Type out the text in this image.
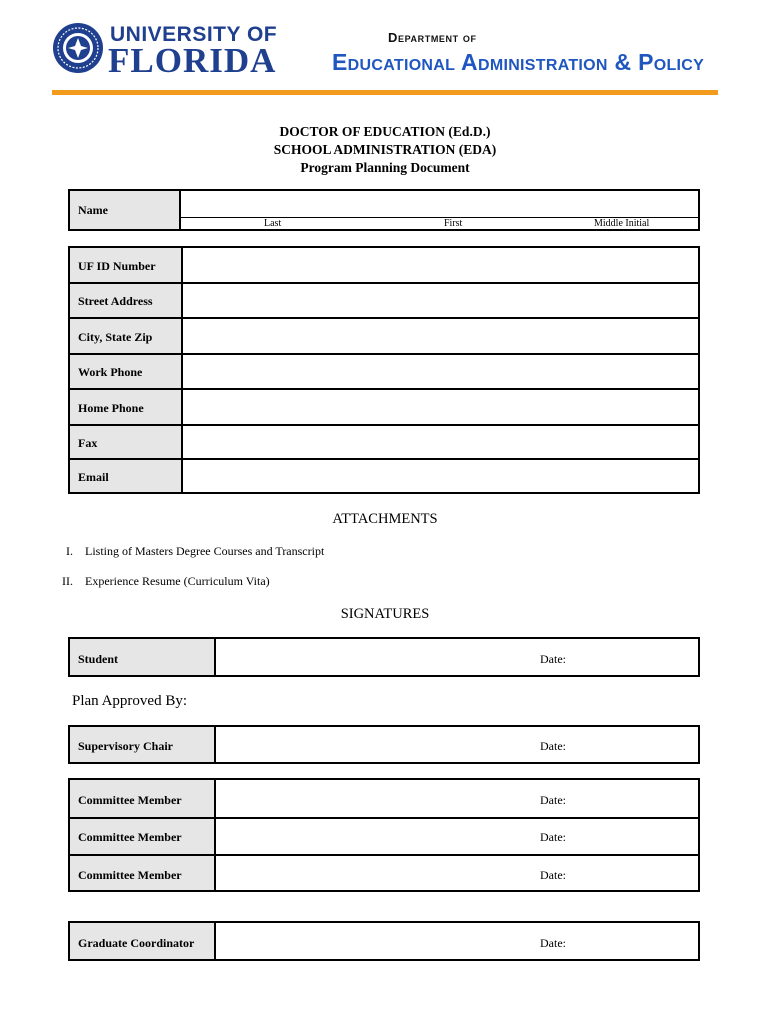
UNIVERSITY OF
FLORIDA
Department of
Educational Administration & Policy
DOCTOR OF EDUCATION (Ed.D.)
SCHOOL ADMINISTRATION (EDA)
Program Planning Document
Name
Last	First	Middle Initial
UF ID Number
Street Address
City, State Zip
Work Phone
Home Phone
Fax
Email
ATTACHMENTS
I. Listing of Masters Degree Courses and Transcript
II. Experience Resume (Curriculum Vita)
SIGNATURES
Student	Date:
Plan Approved By:
Supervisory Chair	Date:
Committee Member	Date:
Committee Member	Date:
Committee Member	Date:
Graduate Coordinator	Date:
